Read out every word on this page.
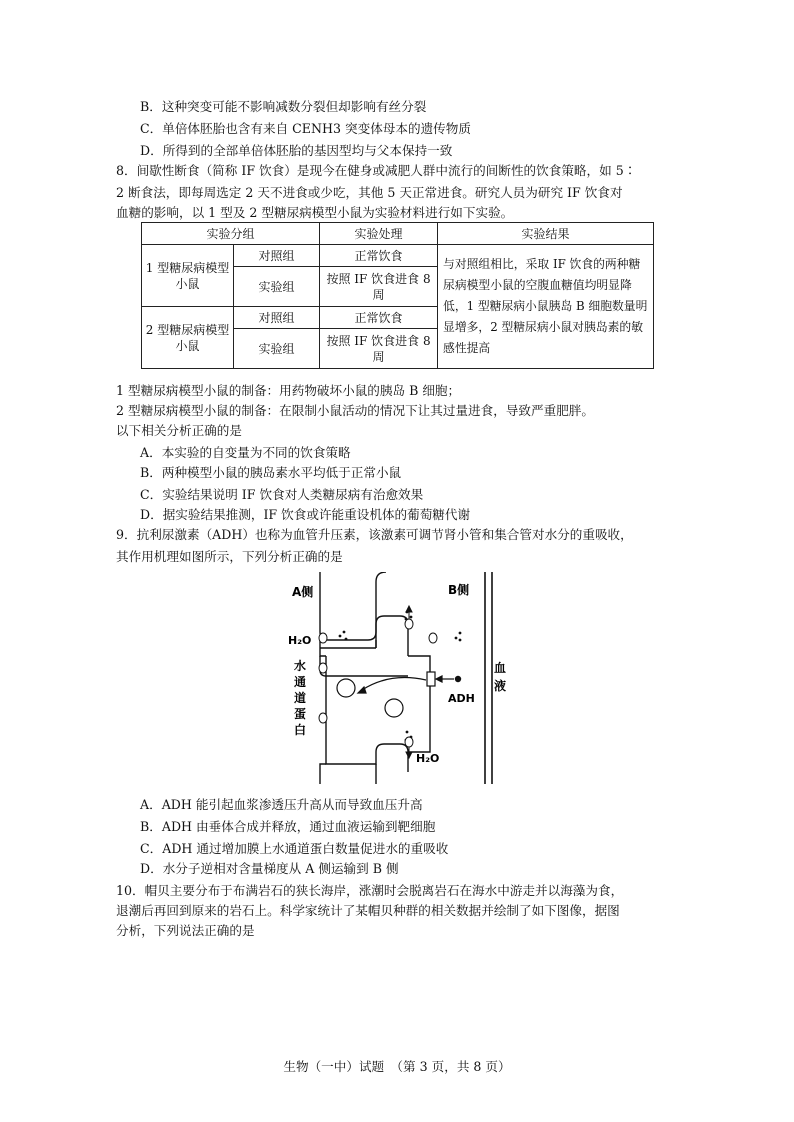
B．这种突变可能不影响减数分裂但却影响有丝分裂
C．单倍体胚胎也含有来自 CENH3 突变体母本的遗传物质
D．所得到的全部单倍体胚胎的基因型均与父本保持一致
8．间歇性断食（简称 IF 饮食）是现今在健身或减肥人群中流行的间断性的饮食策略，如 5∶
2 断食法，即每周选定 2 天不进食或少吃，其他 5 天正常进食。研究人员为研究 IF 饮食对
血糖的影响，以 1 型及 2 型糖尿病模型小鼠为实验材料进行如下实验。
实验分组		实验处理	实验结果
1 型糖尿病模型小鼠	对照组	正常饮食	与对照组相比，采取 IF 饮食的两种糖尿病模型小鼠的空腹血糖值均明显降低，1 型糖尿病小鼠胰岛 B 细胞数量明显增多，2 型糖尿病小鼠对胰岛素的敏感性提高
	实验组	按照 IF 饮食进食 8 周	
2 型糖尿病模型小鼠	对照组	正常饮食	
	实验组	按照 IF 饮食进食 8 周	
1 型糖尿病模型小鼠的制备：用药物破坏小鼠的胰岛 B 细胞；
2 型糖尿病模型小鼠的制备：在限制小鼠活动的情况下让其过量进食，导致严重肥胖。
以下相关分析正确的是
A．本实验的自变量为不同的饮食策略
B．两种模型小鼠的胰岛素水平均低于正常小鼠
C．实验结果说明 IF 饮食对人类糖尿病有治愈效果
D．据实验结果推测，IF 饮食或许能重设机体的葡萄糖代谢
9．抗利尿激素（ADH）也称为血管升压素，该激素可调节肾小管和集合管对水分的重吸收，
其作用机理如图所示，下列分析正确的是
A侧	B侧
H₂O
H₂O
ADH
水
通
道
蛋
白
血
液
A．ADH 能引起血浆渗透压升高从而导致血压升高
B．ADH 由垂体合成并释放，通过血液运输到靶细胞
C．ADH 通过增加膜上水通道蛋白数量促进水的重吸收
D．水分子逆相对含量梯度从 A 侧运输到 B 侧
10．帽贝主要分布于布满岩石的狭长海岸，涨潮时会脱离岩石在海水中游走并以海藻为食，
退潮后再回到原来的岩石上。科学家统计了某帽贝种群的相关数据并绘制了如下图像，据图
分析，下列说法正确的是
生物（一中）试题　（第 3 页，共 8 页）
